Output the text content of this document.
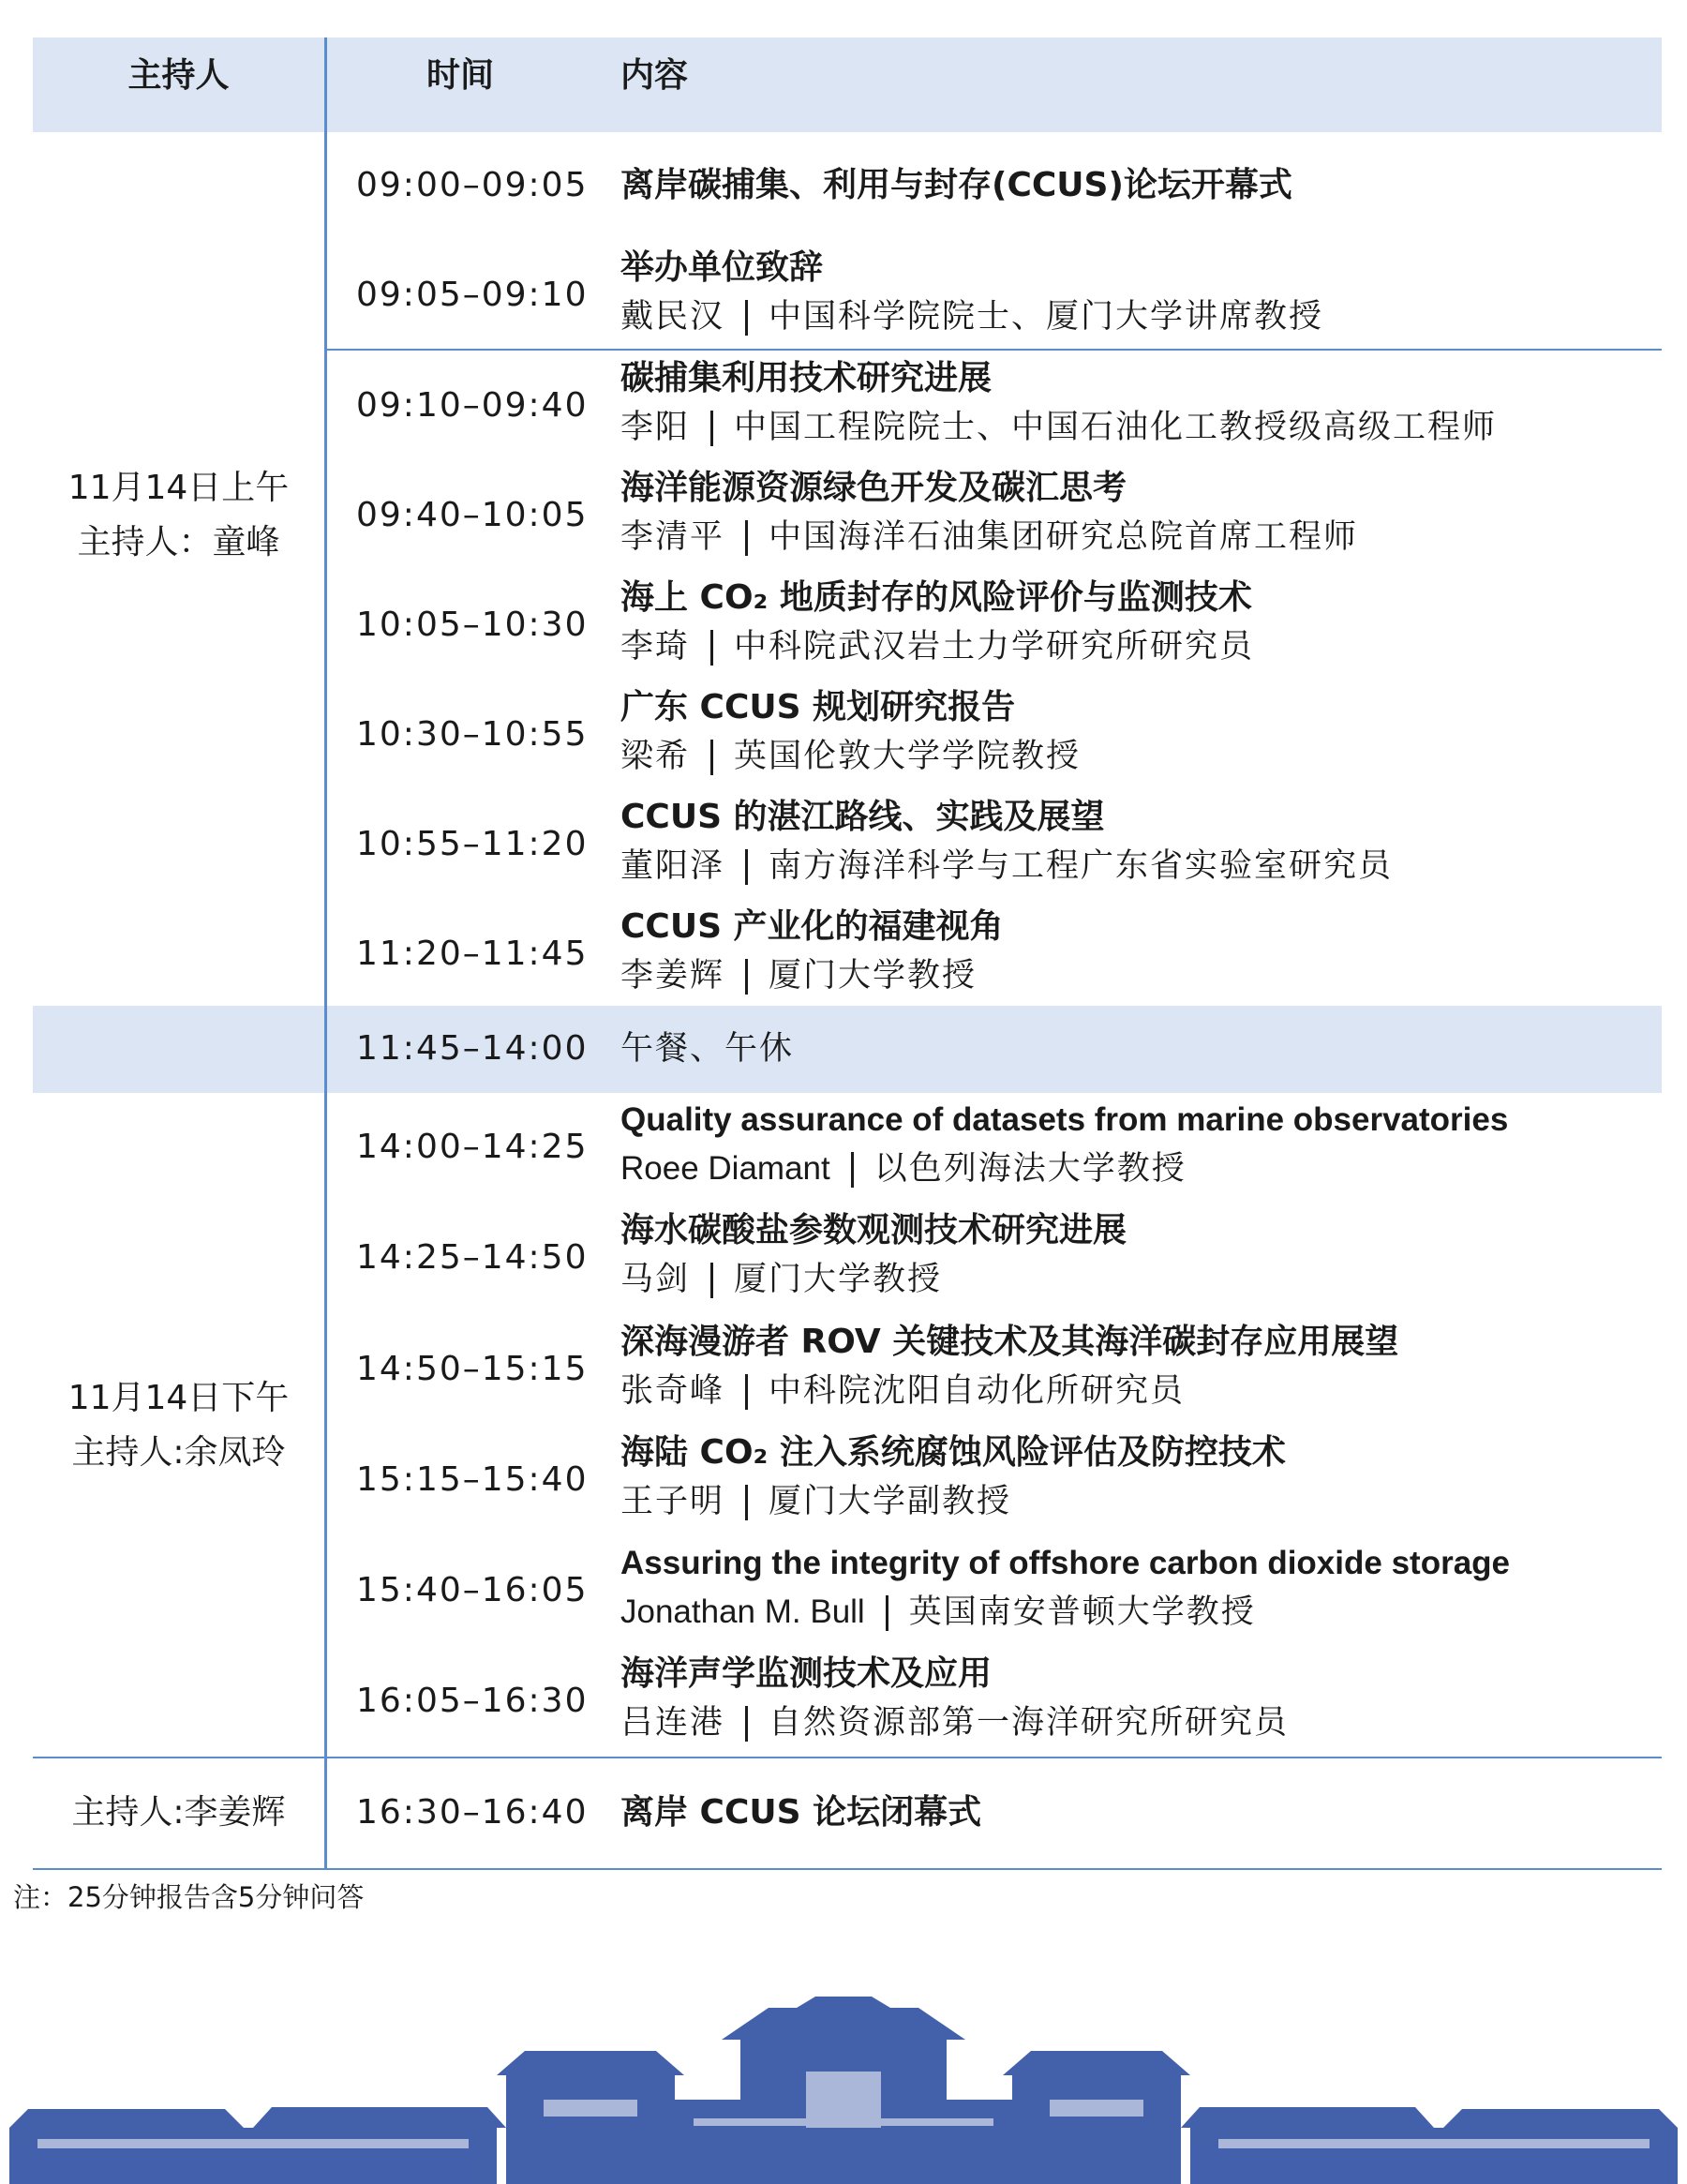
主持人	时间	内容
11月14日上午
主持人：童峰
11月14日下午
主持人:余凤玲
主持人:李姜辉
09:00–09:05 离岸碳捕集、利用与封存(CCUS)论坛开幕式
09:05–09:10
举办单位致辞
戴民汉 中国科学院院士、厦门大学讲席教授
09:10–09:40
碳捕集利用技术研究进展
李阳 中国工程院院士、中国石油化工教授级高级工程师
09:40–10:05
海洋能源资源绿色开发及碳汇思考
李清平 中国海洋石油集团研究总院首席工程师
10:05–10:30
海上 CO₂ 地质封存的风险评价与监测技术
李琦 中科院武汉岩土力学研究所研究员
10:30–10:55
广东 CCUS 规划研究报告
梁希 英国伦敦大学学院教授
10:55–11:20
CCUS 的湛江路线、实践及展望
董阳泽 南方海洋科学与工程广东省实验室研究员
11:20–11:45
CCUS 产业化的福建视角
李姜辉 厦门大学教授
11:45–14:00 午餐、午休
14:00–14:25
Quality assurance of datasets from marine observatories
Roee Diamant 以色列海法大学教授
14:25–14:50
海水碳酸盐参数观测技术研究进展
马剑 厦门大学教授
14:50–15:15
深海漫游者 ROV 关键技术及其海洋碳封存应用展望
张奇峰 中科院沈阳自动化所研究员
15:15–15:40
海陆 CO₂ 注入系统腐蚀风险评估及防控技术
王子明 厦门大学副教授
15:40–16:05
Assuring the integrity of offshore carbon dioxide storage
Jonathan M. Bull 英国南安普顿大学教授
16:05–16:30
海洋声学监测技术及应用
吕连港 自然资源部第一海洋研究所研究员
16:30–16:40 离岸 CCUS 论坛闭幕式
注：25分钟报告含5分钟问答
